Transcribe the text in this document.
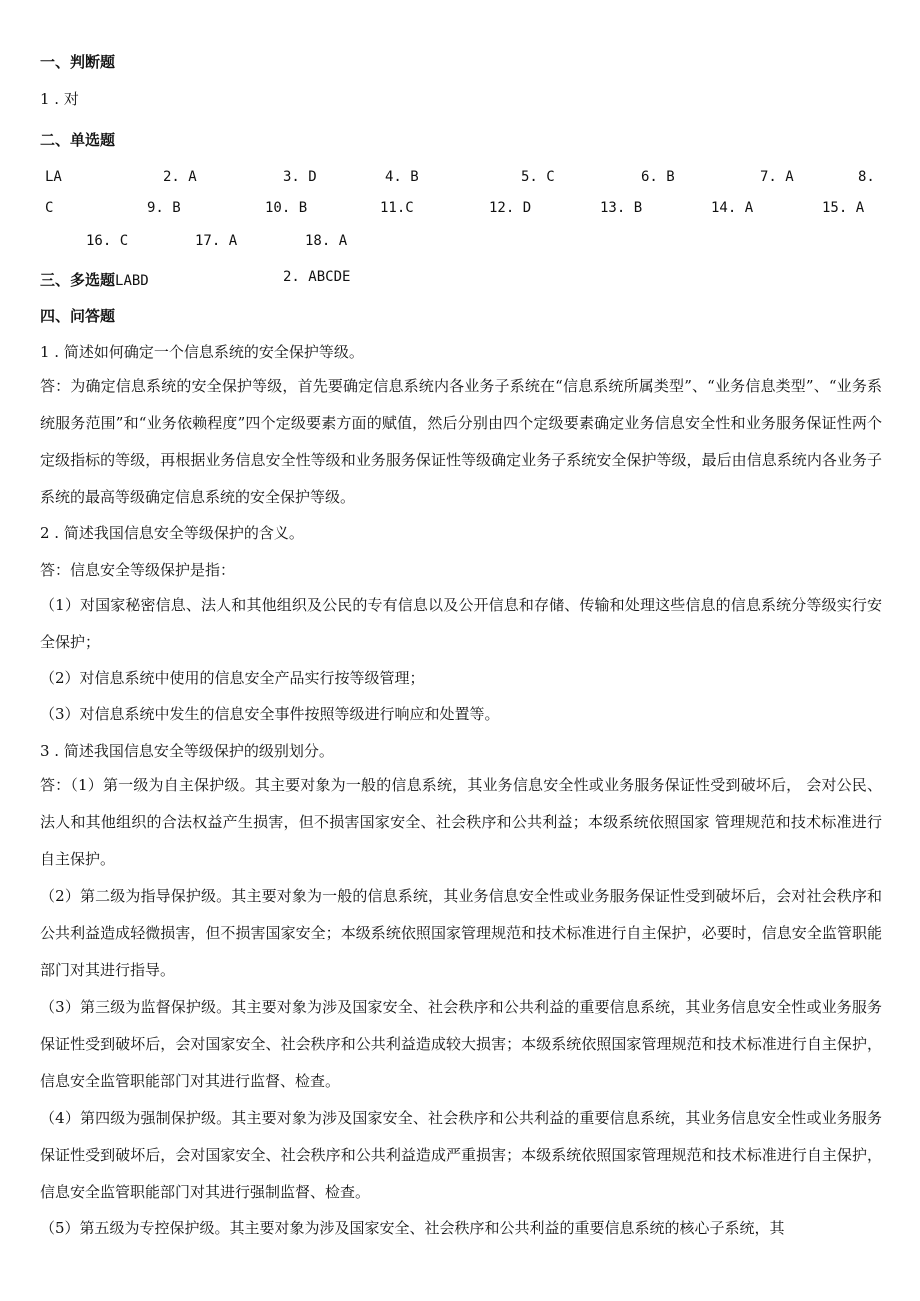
一、判断题
1 . 对
二、单选题
LA	2. A	3. D	4. B	5. C	6. B	7. A	8.
C	9. B	10. B	11.C	12. D	13. B	14. A	15. A
16. C	17. A	18. A
三、多选题LABD	2. ABCDE
四、问答题
1 . 简述如何确定一个信息系统的安全保护等级。
答：为确定信息系统的安全保护等级，首先要确定信息系统内各业务子系统在“信息系统所属类型”、“业务信息类型”、“业务系统服务范围”和“业务依赖程度”四个定级要素方面的赋值，然后分别由四个定级要素确定业务信息安全性和业务服务保证性两个定级指标的等级，再根据业务信息安全性等级和业务服务保证性等级确定业务子系统安全保护等级，最后由信息系统内各业务子系统的最高等级确定信息系统的安全保护等级。
2 . 简述我国信息安全等级保护的含义。
答：信息安全等级保护是指：
（1）对国家秘密信息、法人和其他组织及公民的专有信息以及公开信息和存储、传输和处理这些信息的信息系统分等级实行安全保护；
（2）对信息系统中使用的信息安全产品实行按等级管理；
（3）对信息系统中发生的信息安全事件按照等级进行响应和处置等。
3 . 简述我国信息安全等级保护的级别划分。
答：（1）第一级为自主保护级。其主要对象为一般的信息系统，其业务信息安全性或业务服务保证性受到破坏后， 会对公民、法人和其他组织的合法权益产生损害，但不损害国家安全、社会秩序和公共利益；本级系统依照国家 管理规范和技术标准进行自主保护。
（2）第二级为指导保护级。其主要对象为一般的信息系统，其业务信息安全性或业务服务保证性受到破坏后，会对社会秩序和公共利益造成轻微损害，但不损害国家安全；本级系统依照国家管理规范和技术标准进行自主保护，必要时，信息安全监管职能部门对其进行指导。
（3）第三级为监督保护级。其主要对象为涉及国家安全、社会秩序和公共利益的重要信息系统，其业务信息安全性或业务服务保证性受到破坏后，会对国家安全、社会秩序和公共利益造成较大损害；本级系统依照国家管理规范和技术标准进行自主保护，信息安全监管职能部门对其进行监督、检查。
（4）第四级为强制保护级。其主要对象为涉及国家安全、社会秩序和公共利益的重要信息系统，其业务信息安全性或业务服务保证性受到破坏后，会对国家安全、社会秩序和公共利益造成严重损害；本级系统依照国家管理规范和技术标准进行自主保护，信息安全监管职能部门对其进行强制监督、检查。
（5）第五级为专控保护级。其主要对象为涉及国家安全、社会秩序和公共利益的重要信息系统的核心子系统，其
